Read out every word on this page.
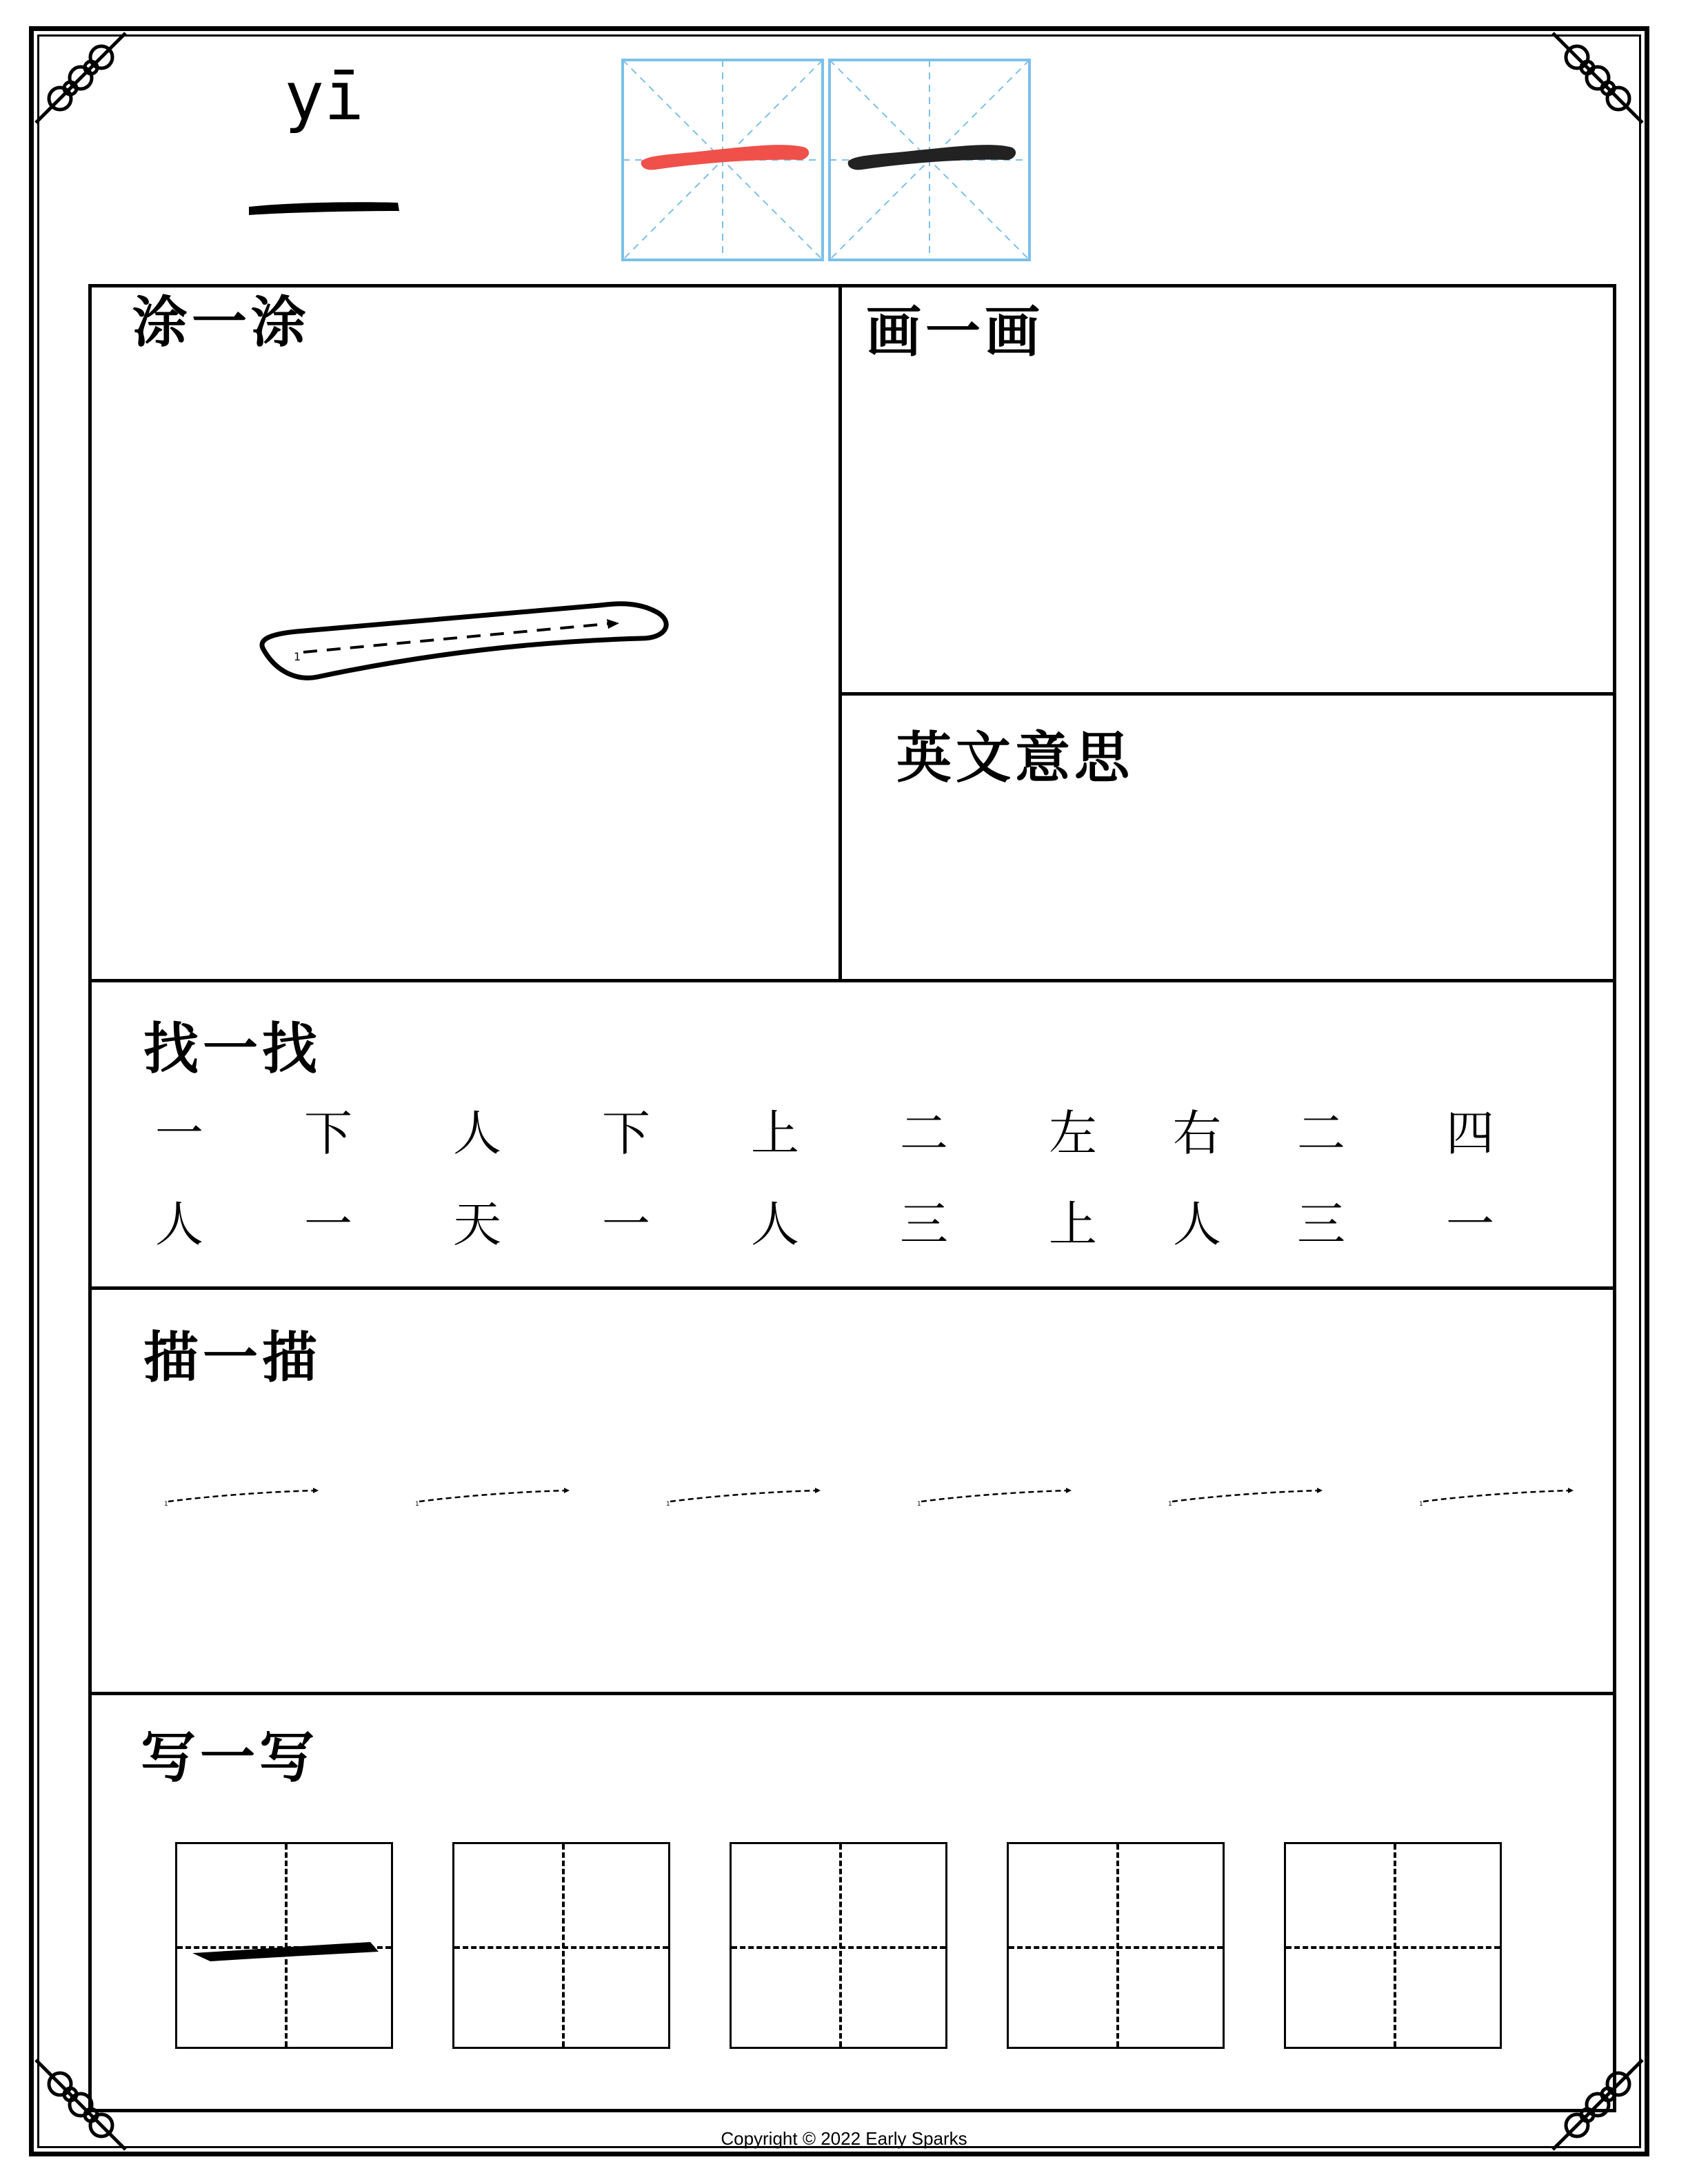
yī
涂一涂
1
画一画
英文意思
找一找
一 下 人 下 上 二 左 右 二 四
人 一 天 一 人 三 上 人 三 一
描一描
1	1	1	1	1	1
写一写
Copyright © 2022 Early Sparks
